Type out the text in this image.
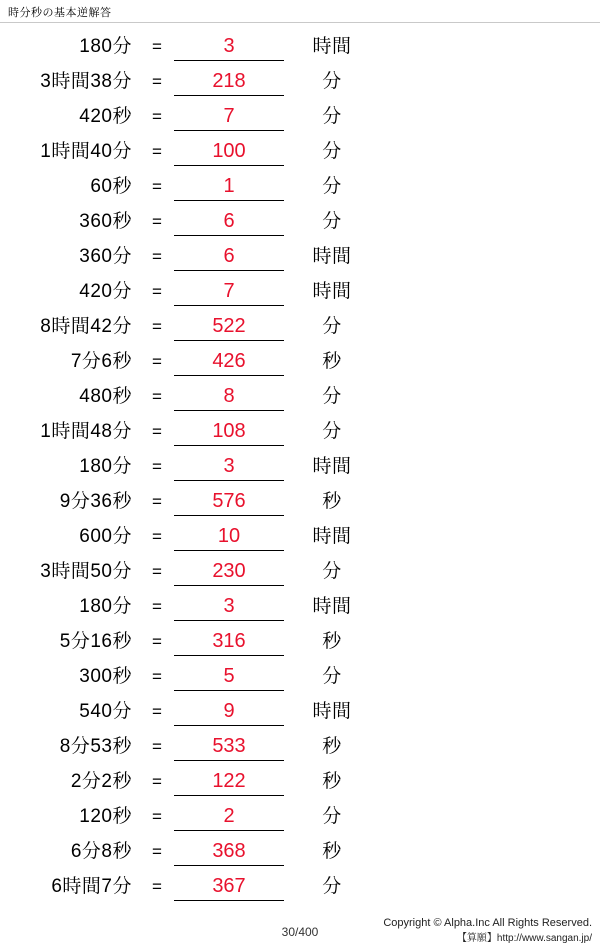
時分秒の基本逆解答
180分	=	3	時間
3時間38分	=	218	分
420秒	=	7	分
1時間40分	=	100	分
60秒	=	1	分
360秒	=	6	分
360分	=	6	時間
420分	=	7	時間
8時間42分	=	522	分
7分6秒	=	426	秒
480秒	=	8	分
1時間48分	=	108	分
180分	=	3	時間
9分36秒	=	576	秒
600分	=	10	時間
3時間50分	=	230	分
180分	=	3	時間
5分16秒	=	316	秒
300秒	=	5	分
540分	=	9	時間
8分53秒	=	533	秒
2分2秒	=	122	秒
120秒	=	2	分
6分8秒	=	368	秒
6時間7分	=	367	分
30/400
Copyright © Alpha.Inc All Rights Reserved.
【算願】http://www.sangan.jp/
